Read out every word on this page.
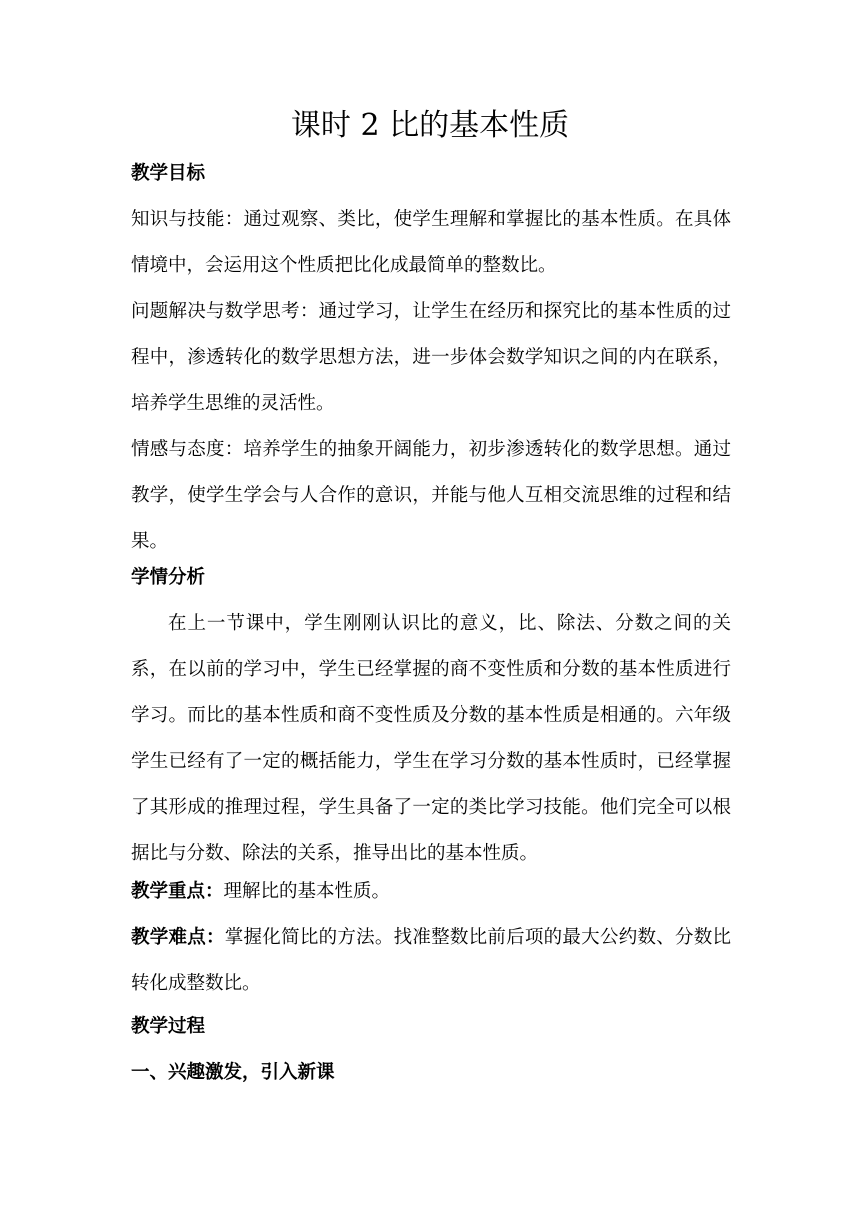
课时 2 比的基本性质

教学目标

知识与技能：通过观察、类比，使学生理解和掌握比的基本性质。在具体情境中，会运用这个性质把比化成最简单的整数比。

问题解决与数学思考：通过学习，让学生在经历和探究比的基本性质的过程中，渗透转化的数学思想方法，进一步体会数学知识之间的内在联系，培养学生思维的灵活性。

情感与态度：培养学生的抽象开阔能力，初步渗透转化的数学思想。通过教学，使学生学会与人合作的意识，并能与他人互相交流思维的过程和结果。

学情分析

在上一节课中，学生刚刚认识比的意义，比、除法、分数之间的关系，在以前的学习中，学生已经掌握的商不变性质和分数的基本性质进行学习。而比的基本性质和商不变性质及分数的基本性质是相通的。六年级学生已经有了一定的概括能力，学生在学习分数的基本性质时，已经掌握了其形成的推理过程，学生具备了一定的类比学习技能。他们完全可以根据比与分数、除法的关系，推导出比的基本性质。

教学重点：理解比的基本性质。

教学难点：掌握化简比的方法。找准整数比前后项的最大公约数、分数比转化成整数比。

教学过程

一、兴趣激发，引入新课
